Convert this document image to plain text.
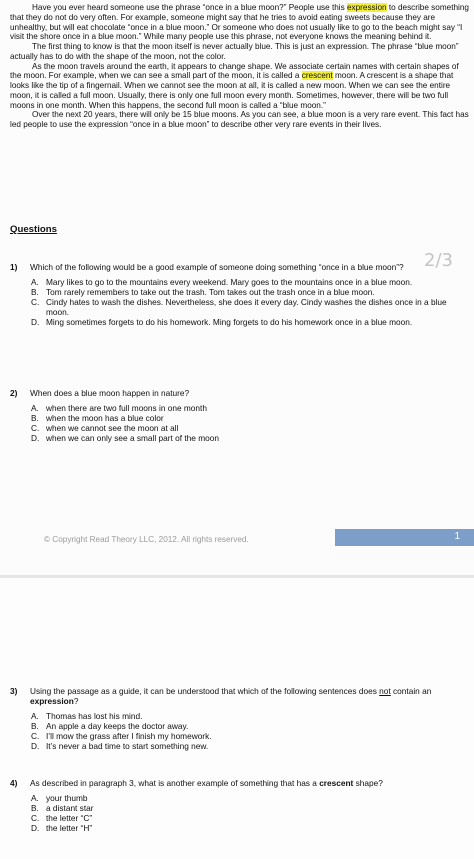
Have you ever heard someone use the phrase “once in a blue moon?” People use this expression to describe something that they do not do very often. For example, someone might say that he tries to avoid eating sweets because they are unhealthy, but will eat chocolate “once in a blue moon.” Or someone who does not usually like to go to the beach might say “I visit the shore once in a blue moon.” While many people use this phrase, not everyone knows the meaning behind it.

The first thing to know is that the moon itself is never actually blue. This is just an expression. The phrase “blue moon” actually has to do with the shape of the moon, not the color.

As the moon travels around the earth, it appears to change shape. We associate certain names with certain shapes of the moon. For example, when we can see a small part of the moon, it is called a crescent moon. A crescent is a shape that looks like the tip of a fingernail. When we cannot see the moon at all, it is called a new moon. When we can see the entire moon, it is called a full moon. Usually, there is only one full moon every month. Sometimes, however, there will be two full moons in one month. When this happens, the second full moon is called a “blue moon.”

Over the next 20 years, there will only be 15 blue moons. As you can see, a blue moon is a very rare event. This fact has led people to use the expression “once in a blue moon” to describe other very rare events in their lives.

Questions
2/3
1) Which of the following would be a good example of someone doing something “once in a blue moon”?
A. Mary likes to go to the mountains every weekend. Mary goes to the mountains once in a blue moon.
B. Tom rarely remembers to take out the trash. Tom takes out the trash once in a blue moon.
C. Cindy hates to wash the dishes. Nevertheless, she does it every day. Cindy washes the dishes once in a blue moon.
D. Ming sometimes forgets to do his homework. Ming forgets to do his homework once in a blue moon.
2) When does a blue moon happen in nature?
A. when there are two full moons in one month
B. when the moon has a blue color
C. when we cannot see the moon at all
D. when we can only see a small part of the moon
© Copyright Read Theory LLC, 2012. All rights reserved.	1
3) Using the passage as a guide, it can be understood that which of the following sentences does not contain an expression?
A. Thomas has lost his mind.
B. An apple a day keeps the doctor away.
C. I’ll mow the grass after I finish my homework.
D. It’s never a bad time to start something new.
4) As described in paragraph 3, what is another example of something that has a crescent shape?
A. your thumb
B. a distant star
C. the letter “C”
D. the letter “H”
